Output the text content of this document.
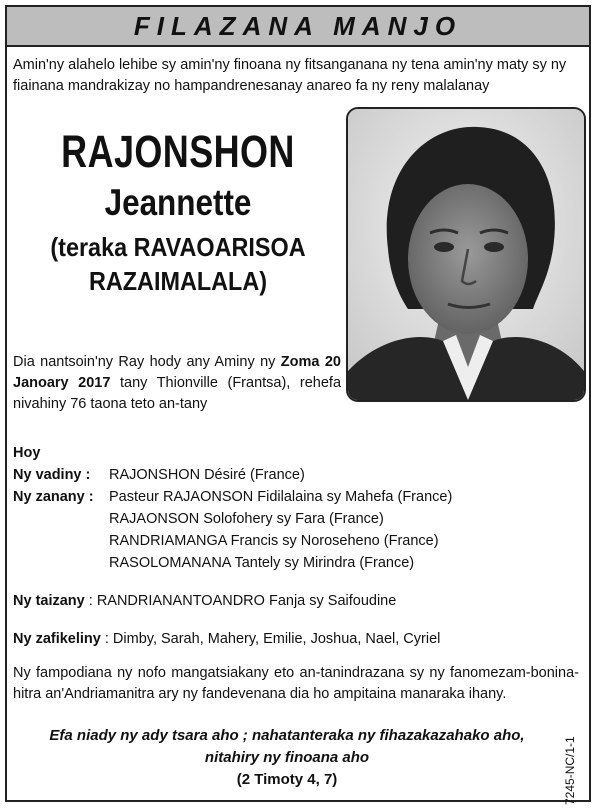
FILAZANA MANJO
Amin'ny alahelo lehibe sy amin'ny finoana ny fitsanganana ny tena amin'ny maty sy ny fiainana mandrakizay no hampandrenesanay anareo fa ny reny malalanay
RAJONSHON
Jeannette
(teraka RAVAOARISOA
RAZAIMALALA)
Dia nantsoin'ny Ray hody any Aminy ny Zoma 20 Janoary 2017 tany Thionville (Frantsa), rehefa nivahiny 76 taona teto an-tany
Hoy
Ny vadiny :	RAJONSHON Désiré (France)
Ny zanany :	Pasteur RAJAONSON Fidilalaina sy Mahefa (France)
RAJAONSON Solofohery sy Fara (France)
RANDRIAMANGA Francis sy Noroseheno (France)
RASOLOMANANA Tantely sy Mirindra (France)
Ny taizany : RANDRIANANTOANDRO Fanja sy Saifoudine
Ny zafikeliny : Dimby, Sarah, Mahery, Emilie, Joshua, Nael, Cyriel
Ny fampodiana ny nofo mangatsiakany eto an-tanindrazana sy ny fanomezam-bonina-hitra an'Andriamanitra ary ny fandevenana dia ho ampitaina manaraka ihany.
Efa niady ny ady tsara aho ; nahatanteraka ny fihazakazahako aho,
nitahiry ny finoana aho
(2 Timoty 4, 7)	7245-NC/1-1
